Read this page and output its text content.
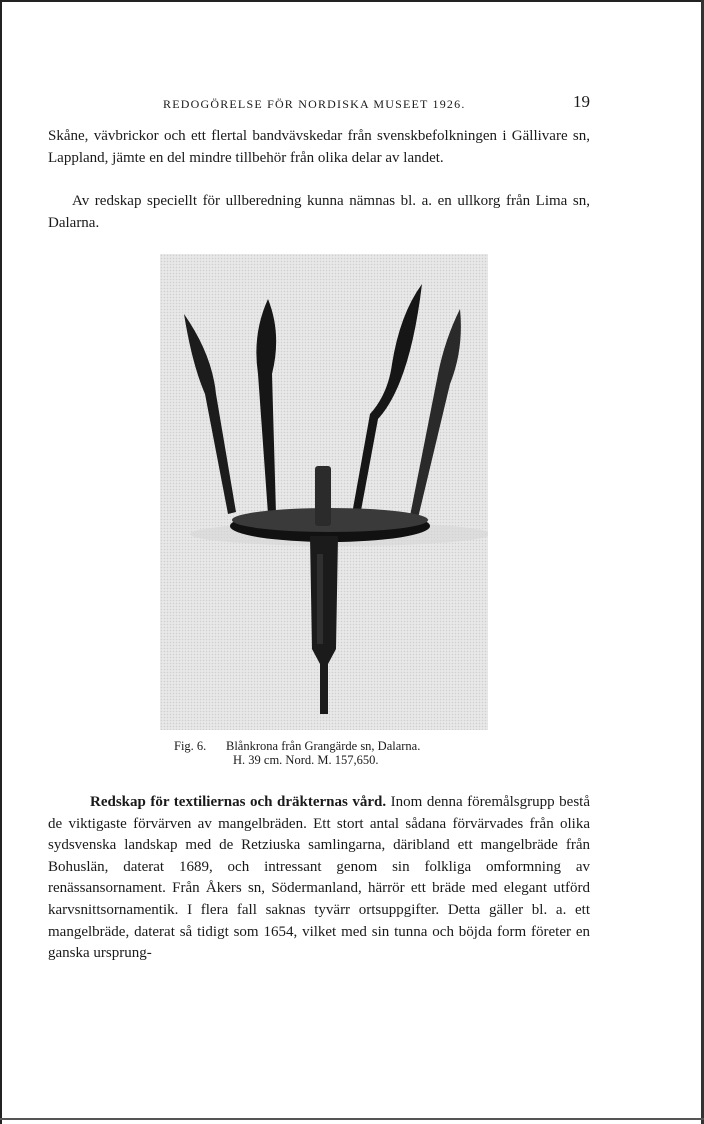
REDOGÖRELSE FÖR NORDISKA MUSEET 1926.	19

Skåne, vävbrickor och ett flertal bandvävskedar från svenskbefolkningen i Gällivare sn, Lappland, jämte en del mindre tillbehör från olika delar av landet.

Av redskap speciellt för ullberedning kunna nämnas bl. a. en ullkorg från Lima sn, Dalarna.

Fig. 6. Blånkrona från Grangärde sn, Dalarna.
H. 39 cm. Nord. M. 157,650.

Redskap för textiliernas och dräkternas vård. Inom denna föremålsgrupp bestå de viktigaste förvärven av mangelbräden. Ett stort antal sådana förvärvades från olika sydsvenska landskap med de Retziuska samlingarna, däribland ett mangelbräde från Bohuslän, daterat 1689, och intressant genom sin folkliga omformning av renässansornament. Från Åkers sn, Södermanland, härrör ett bräde med elegant utförd karvsnittsornamentik. I flera fall saknas tyvärr ortsuppgifter. Detta gäller bl. a. ett mangelbräde, daterat så tidigt som 1654, vilket med sin tunna och böjda form företer en ganska ursprung-
